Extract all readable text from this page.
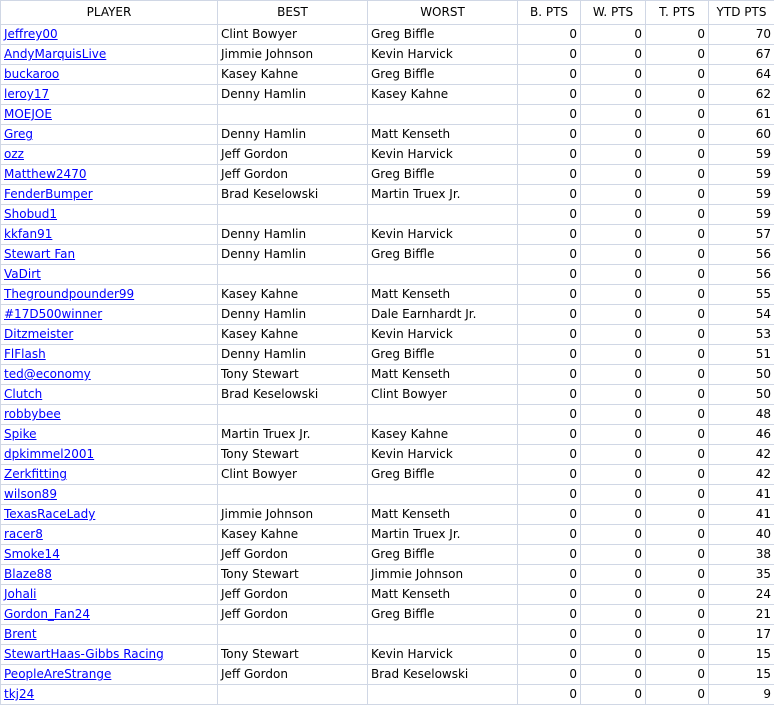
PLAYER	BEST	WORST	B. PTS	W. PTS	T. PTS	YTD PTS
Jeffrey00	Clint Bowyer	Greg Biffle	0	0	0	70
AndyMarquisLive	Jimmie Johnson	Kevin Harvick	0	0	0	67
buckaroo	Kasey Kahne	Greg Biffle	0	0	0	64
leroy17	Denny Hamlin	Kasey Kahne	0	0	0	62
MOEJOE			0	0	0	61
Greg	Denny Hamlin	Matt Kenseth	0	0	0	60
ozz	Jeff Gordon	Kevin Harvick	0	0	0	59
Matthew2470	Jeff Gordon	Greg Biffle	0	0	0	59
FenderBumper	Brad Keselowski	Martin Truex Jr.	0	0	0	59
Shobud1			0	0	0	59
kkfan91	Denny Hamlin	Kevin Harvick	0	0	0	57
Stewart Fan	Denny Hamlin	Greg Biffle	0	0	0	56
VaDirt			0	0	0	56
Thegroundpounder99	Kasey Kahne	Matt Kenseth	0	0	0	55
#17D500winner	Denny Hamlin	Dale Earnhardt Jr.	0	0	0	54
Ditzmeister	Kasey Kahne	Kevin Harvick	0	0	0	53
FlFlash	Denny Hamlin	Greg Biffle	0	0	0	51
ted@economy	Tony Stewart	Matt Kenseth	0	0	0	50
Clutch	Brad Keselowski	Clint Bowyer	0	0	0	50
robbybee			0	0	0	48
Spike	Martin Truex Jr.	Kasey Kahne	0	0	0	46
dpkimmel2001	Tony Stewart	Kevin Harvick	0	0	0	42
Zerkfitting	Clint Bowyer	Greg Biffle	0	0	0	42
wilson89			0	0	0	41
TexasRaceLady	Jimmie Johnson	Matt Kenseth	0	0	0	41
racer8	Kasey Kahne	Martin Truex Jr.	0	0	0	40
Smoke14	Jeff Gordon	Greg Biffle	0	0	0	38
Blaze88	Tony Stewart	Jimmie Johnson	0	0	0	35
Johali	Jeff Gordon	Matt Kenseth	0	0	0	24
Gordon_Fan24	Jeff Gordon	Greg Biffle	0	0	0	21
Brent			0	0	0	17
StewartHaas-Gibbs Racing	Tony Stewart	Kevin Harvick	0	0	0	15
PeopleAreStrange	Jeff Gordon	Brad Keselowski	0	0	0	15
tkj24			0	0	0	9
